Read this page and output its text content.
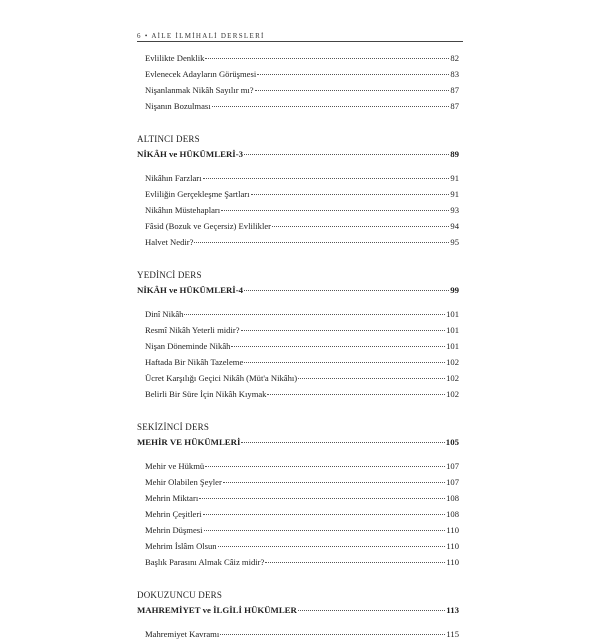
6 • AİLE İLMİHALİ DERSLERİ
Evlilikte Denklik	82
Evlenecek Adayların Görüşmesi	83
Nişanlanmak Nikâh Sayılır mı?	87
Nişanın Bozulması	87
ALTINCI DERS
NİKÂH ve HÜKÜMLERİ-3	89
Nikâhın Farzları	91
Evliliğin Gerçekleşme Şartları	91
Nikâhın Müstehapları	93
Fâsid (Bozuk ve Geçersiz) Evlilikler	94
Halvet Nedir?	95
YEDİNCİ DERS
NİKÂH ve HÜKÜMLERİ-4	99
Dinî Nikâh	101
Resmî Nikâh Yeterli midir?	101
Nişan Döneminde Nikâh	101
Haftada Bir Nikâh Tazeleme	102
Ücret Karşılığı Geçici Nikâh (Müt'a Nikâhı)	102
Belirli Bir Süre İçin Nikâh Kıymak	102
SEKİZİNCİ DERS
MEHİR VE HÜKÜMLERİ	105
Mehir ve Hükmü	107
Mehir Olabilen Şeyler	107
Mehrin Miktarı	108
Mehrin Çeşitleri	108
Mehrin Düşmesi	110
Mehrim İslâm Olsun	110
Başlık Parasını Almak Câiz midir?	110
DOKUZUNCU DERS
MAHREMİYET ve İLGİLİ HÜKÜMLER	113
Mahremiyet Kavramı	115
